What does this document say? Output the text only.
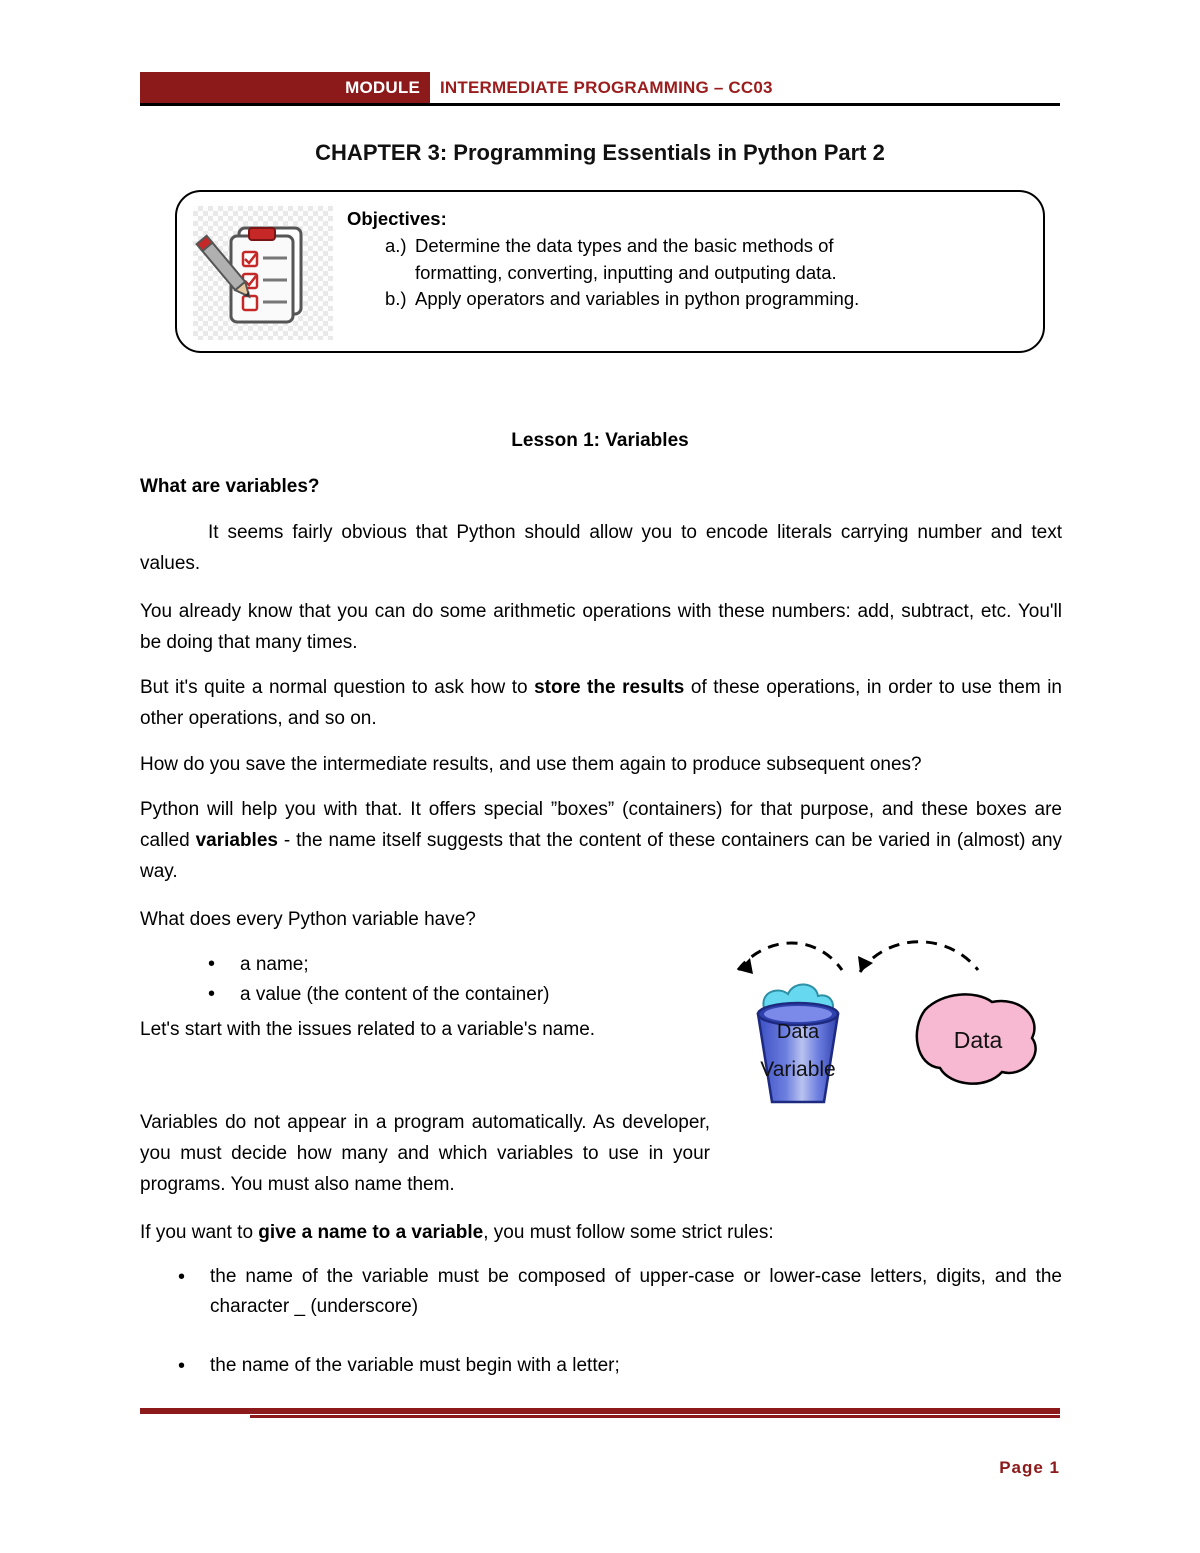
MODULE	INTERMEDIATE PROGRAMMING – CC03
CHAPTER 3: Programming Essentials in Python Part 2
Objectives:
a.) Determine the data types and the basic methods of
formatting, converting, inputting and outputing data.
b.) Apply operators and variables in python programming.
Lesson 1: Variables
What are variables?
It seems fairly obvious that Python should allow you to encode literals carrying number and text values.
You already know that you can do some arithmetic operations with these numbers: add, subtract, etc. You'll be doing that many times.
But it's quite a normal question to ask how to store the results of these operations, in order to use them in other operations, and so on.
How do you save the intermediate results, and use them again to produce subsequent ones?
Python will help you with that. It offers special ”boxes” (containers) for that purpose, and these boxes are called variables - the name itself suggests that the content of these containers can be varied in (almost) any way.
What does every Python variable have?
• a name;
• a value (the content of the container)
Let's start with the issues related to a variable's name.
Variables do not appear in a program automatically. As developer, you must decide how many and which variables to use in your programs. You must also name them.
If you want to give a name to a variable, you must follow some strict rules:
• the name of the variable must be composed of upper-case or lower-case letters, digits, and the character _ (underscore)
• the name of the variable must begin with a letter;
Data
Variable
Data
Page 1
